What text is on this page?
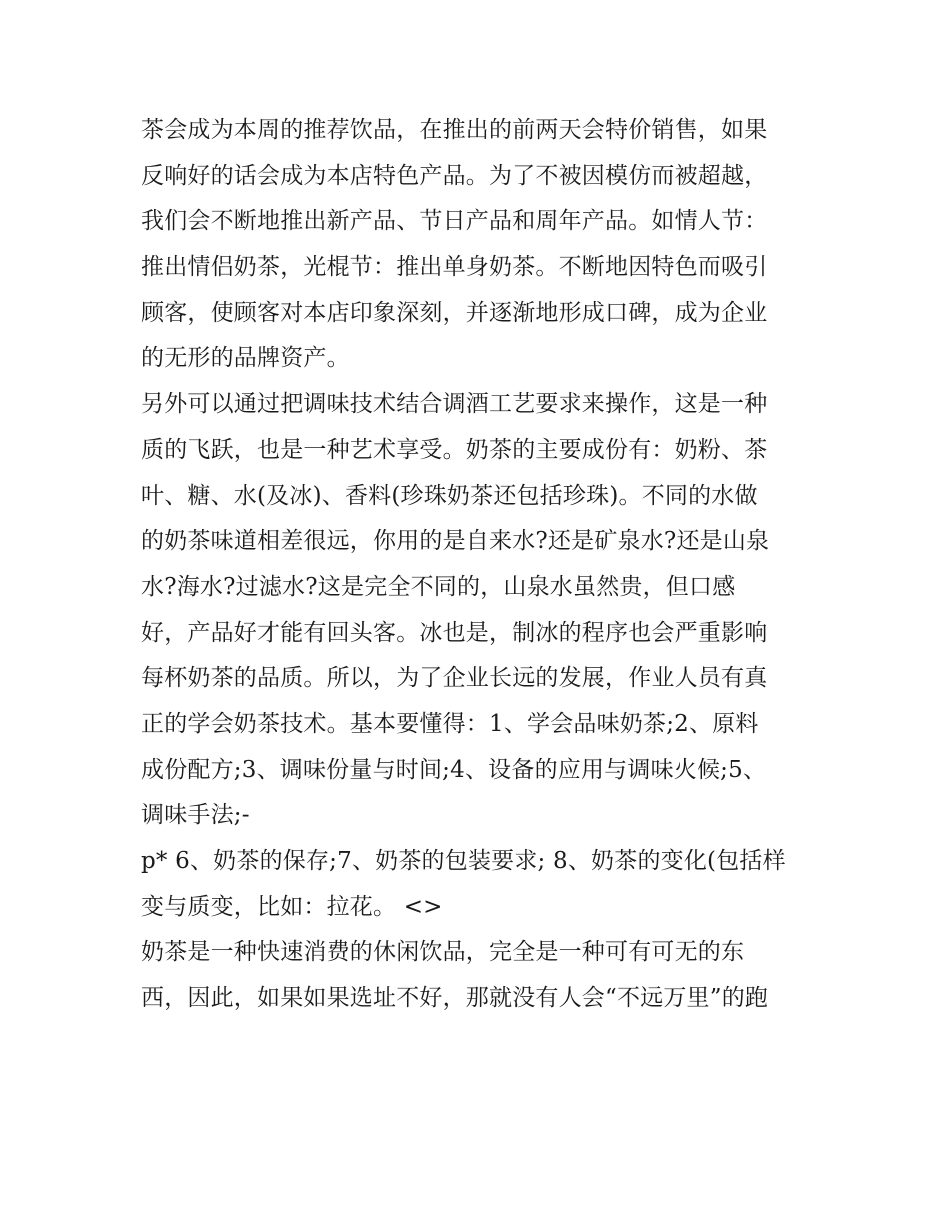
茶会成为本周的推荐饮品，在推出的前两天会特价销售，如果
反响好的话会成为本店特色产品。为了不被因模仿而被超越，
我们会不断地推出新产品、节日产品和周年产品。如情人节：
推出情侣奶茶，光棍节：推出单身奶茶。不断地因特色而吸引
顾客，使顾客对本店印象深刻，并逐渐地形成口碑，成为企业
的无形的品牌资产。
另外可以通过把调味技术结合调酒工艺要求来操作，这是一种
质的飞跃，也是一种艺术享受。奶茶的主要成份有：奶粉、茶
叶、糖、水(及冰)、香料(珍珠奶茶还包括珍珠)。不同的水做
的奶茶味道相差很远，你用的是自来水?还是矿泉水?还是山泉
水?海水?过滤水?这是完全不同的，山泉水虽然贵，但口感
好，产品好才能有回头客。冰也是，制冰的程序也会严重影响
每杯奶茶的品质。所以，为了企业长远的发展，作业人员有真
正的学会奶茶技术。基本要懂得：1、学会品味奶茶;2、原料
成份配方;3、调味份量与时间;4、设备的应用与调味火候;5、
调味手法;-
p* 6、奶茶的保存;7、奶茶的包装要求; 8、奶茶的变化(包括样
变与质变，比如：拉花。 <>
奶茶是一种快速消费的休闲饮品，完全是一种可有可无的东
西，因此，如果如果选址不好，那就没有人会“不远万里”的跑
